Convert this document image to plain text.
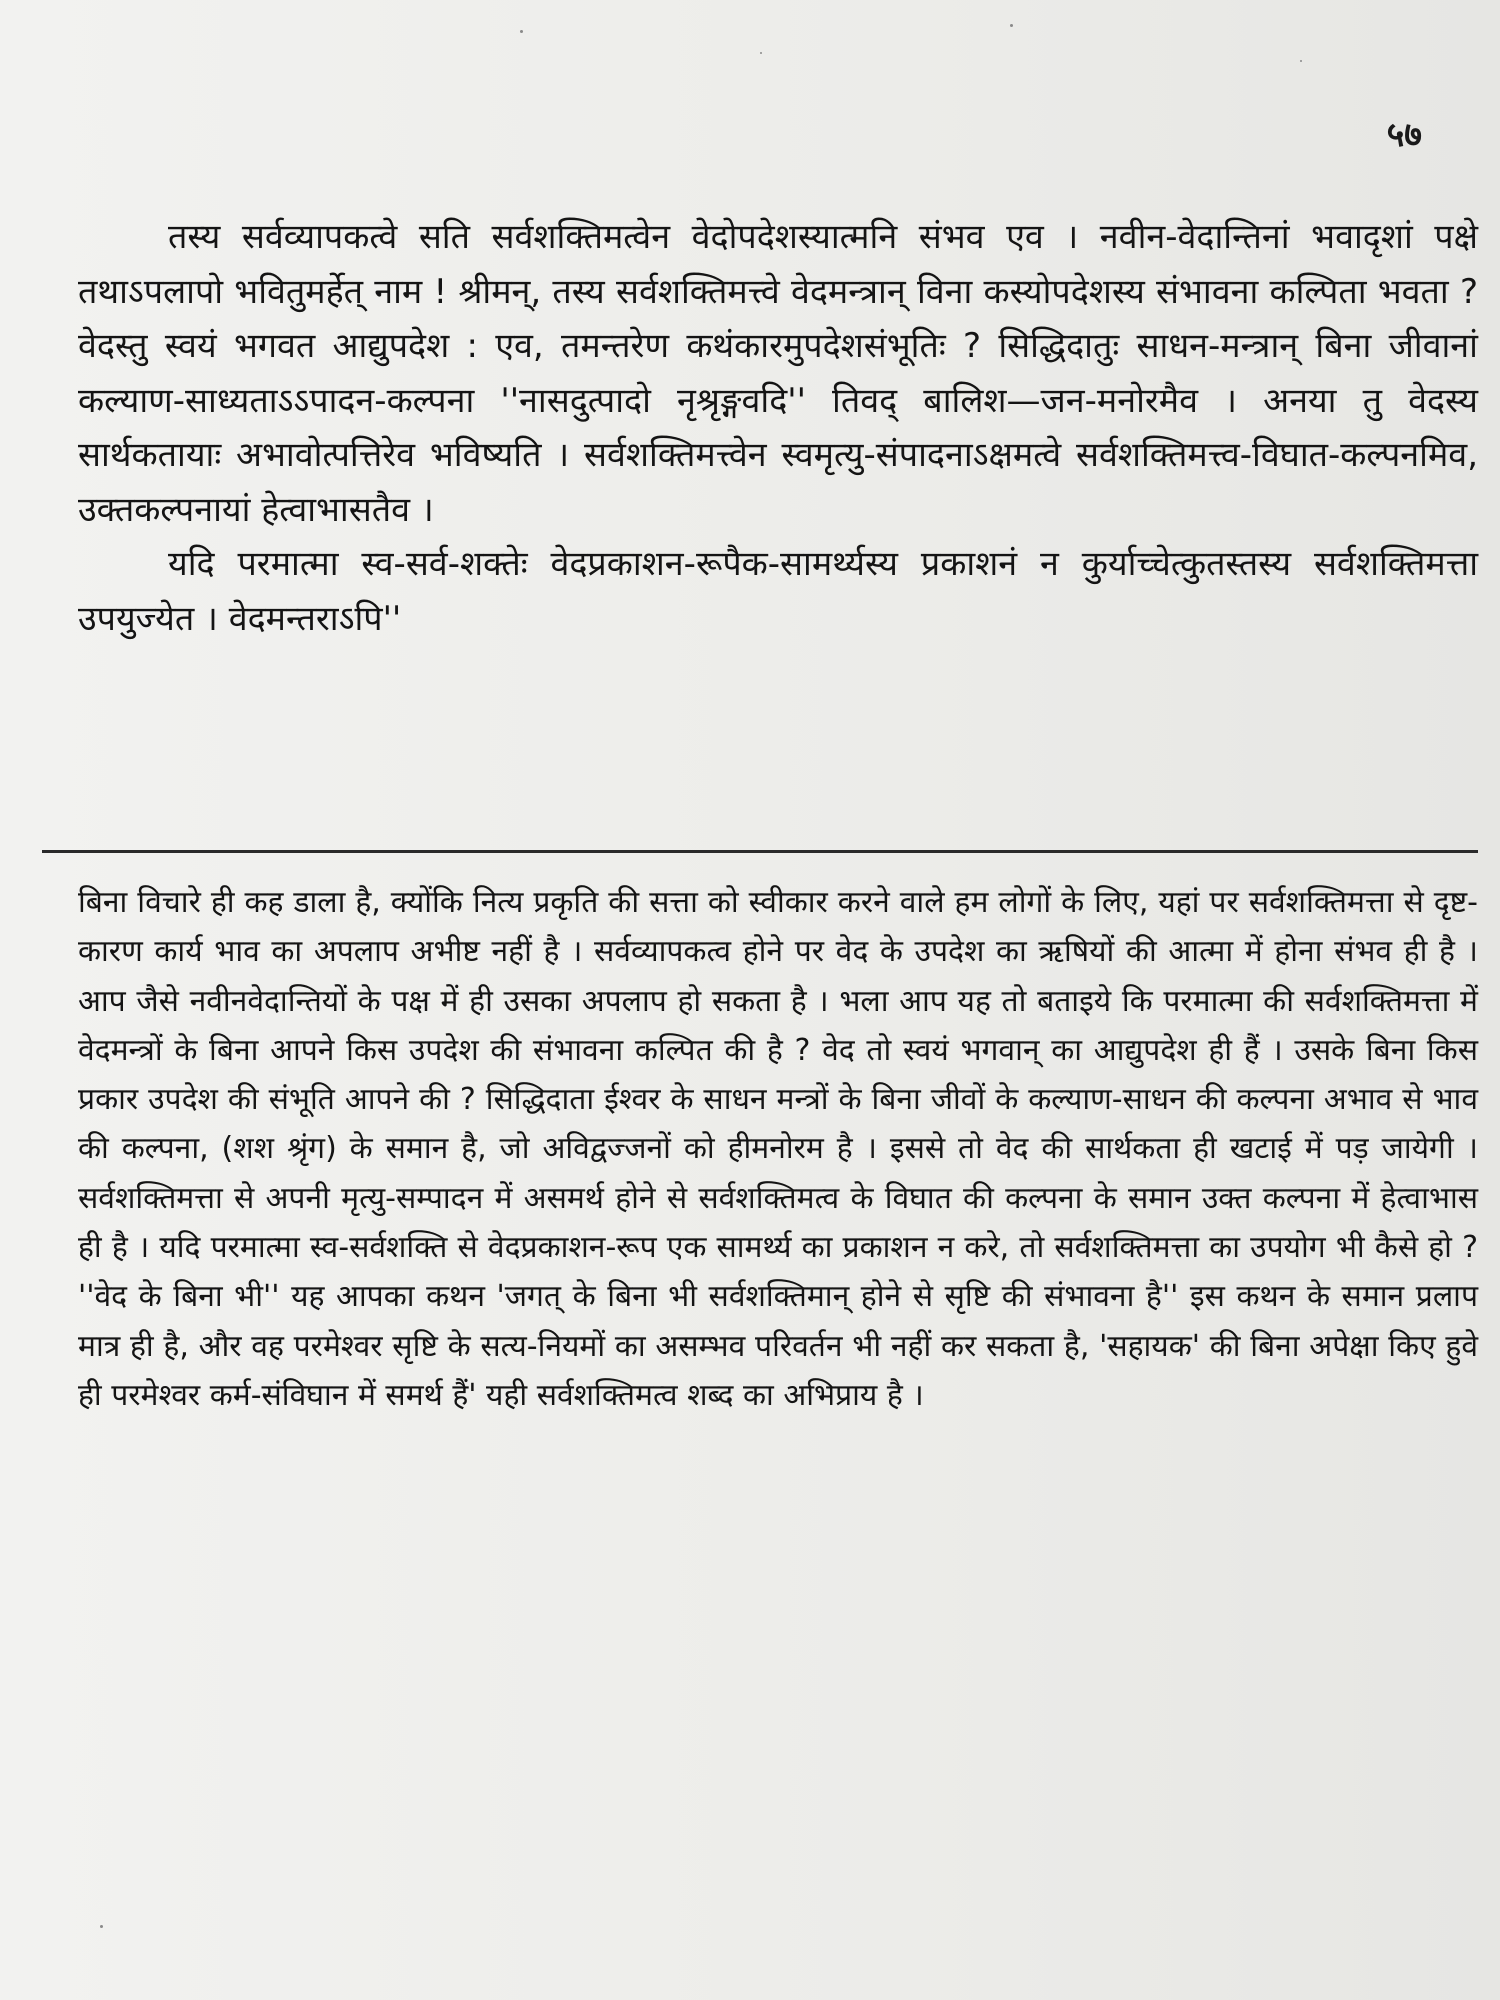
५७

तस्य सर्वव्यापकत्वे सति सर्वशक्तिमत्वेन वेदोपदेशस्यात्मनि संभव एव । नवीन-वेदान्तिनां भवादृशां पक्षे तथाऽपलापो भवितुमर्हेत् नाम ! श्रीमन्, तस्य सर्वशक्तिमत्त्वे वेदमन्त्रान् विना कस्योपदेशस्य संभावना कल्पिता भवता ? वेदस्तु स्वयं भगवत आद्युपदेश : एव, तमन्तरेण कथंकारमुपदेशसंभूतिः ? सिद्धिदातुः साधन-मन्त्रान् बिना जीवानां कल्याण-साध्यताऽऽपादन-कल्पना ''नासदुत्पादो नृश्रृङ्गवदि'' तिवद् बालिश—जन-मनोरमैव । अनया तु वेदस्य सार्थकतायाः अभावोत्पत्तिरेव भविष्यति । सर्वशक्तिमत्त्वेन स्वमृत्यु-संपादनाऽक्षमत्वे सर्वशक्तिमत्त्व-विघात-कल्पनमिव, उक्तकल्पनायां हेत्वाभासतैव ।

यदि परमात्मा स्व-सर्व-शक्तेः वेदप्रकाशन-रूपैक-सामर्थ्यस्य प्रकाशनं न कुर्याच्चेत्कुतस्तस्य सर्वशक्तिमत्ता उपयुज्येत । वेदमन्तराऽपि''

बिना विचारे ही कह डाला है, क्योंकि नित्य प्रकृति की सत्ता को स्वीकार करने वाले हम लोगों के लिए, यहां पर सर्वशक्तिमत्ता से दृष्ट-कारण कार्य भाव का अपलाप अभीष्ट नहीं है । सर्वव्यापकत्व होने पर वेद के उपदेश का ऋषियों की आत्मा में होना संभव ही है । आप जैसे नवीनवेदान्तियों के पक्ष में ही उसका अपलाप हो सकता है । भला आप यह तो बताइये कि परमात्मा की सर्वशक्तिमत्ता में वेदमन्त्रों के बिना आपने किस उपदेश की संभावना कल्पित की है ? वेद तो स्वयं भगवान् का आद्युपदेश ही हैं । उसके बिना किस प्रकार उपदेश की संभूति आपने की ? सिद्धिदाता ईश्वर के साधन मन्त्रों के बिना जीवों के कल्याण-साधन की कल्पना अभाव से भाव की कल्पना, (शश श्रृंग) के समान है, जो अविद्वज्जनों को हीमनोरम है । इससे तो वेद की सार्थकता ही खटाई में पड़ जायेगी । सर्वशक्तिमत्ता से अपनी मृत्यु-सम्पादन में असमर्थ होने से सर्वशक्तिमत्व के विघात की कल्पना के समान उक्त कल्पना में हेत्वाभास ही है । यदि परमात्मा स्व-सर्वशक्ति से वेदप्रकाशन-रूप एक सामर्थ्य का प्रकाशन न करे, तो सर्वशक्तिमत्ता का उपयोग भी कैसे हो ? ''वेद के बिना भी'' यह आपका कथन 'जगत् के बिना भी सर्वशक्तिमान् होने से सृष्टि की संभावना है'' इस कथन के समान प्रलाप मात्र ही है, और वह परमेश्वर सृष्टि के सत्य-नियमों का असम्भव परिवर्तन भी नहीं कर सकता है, 'सहायक' की बिना अपेक्षा किए हुवे ही परमेश्वर कर्म-संविघान में समर्थ हैं' यही सर्वशक्तिमत्व शब्द का अभिप्राय है ।
